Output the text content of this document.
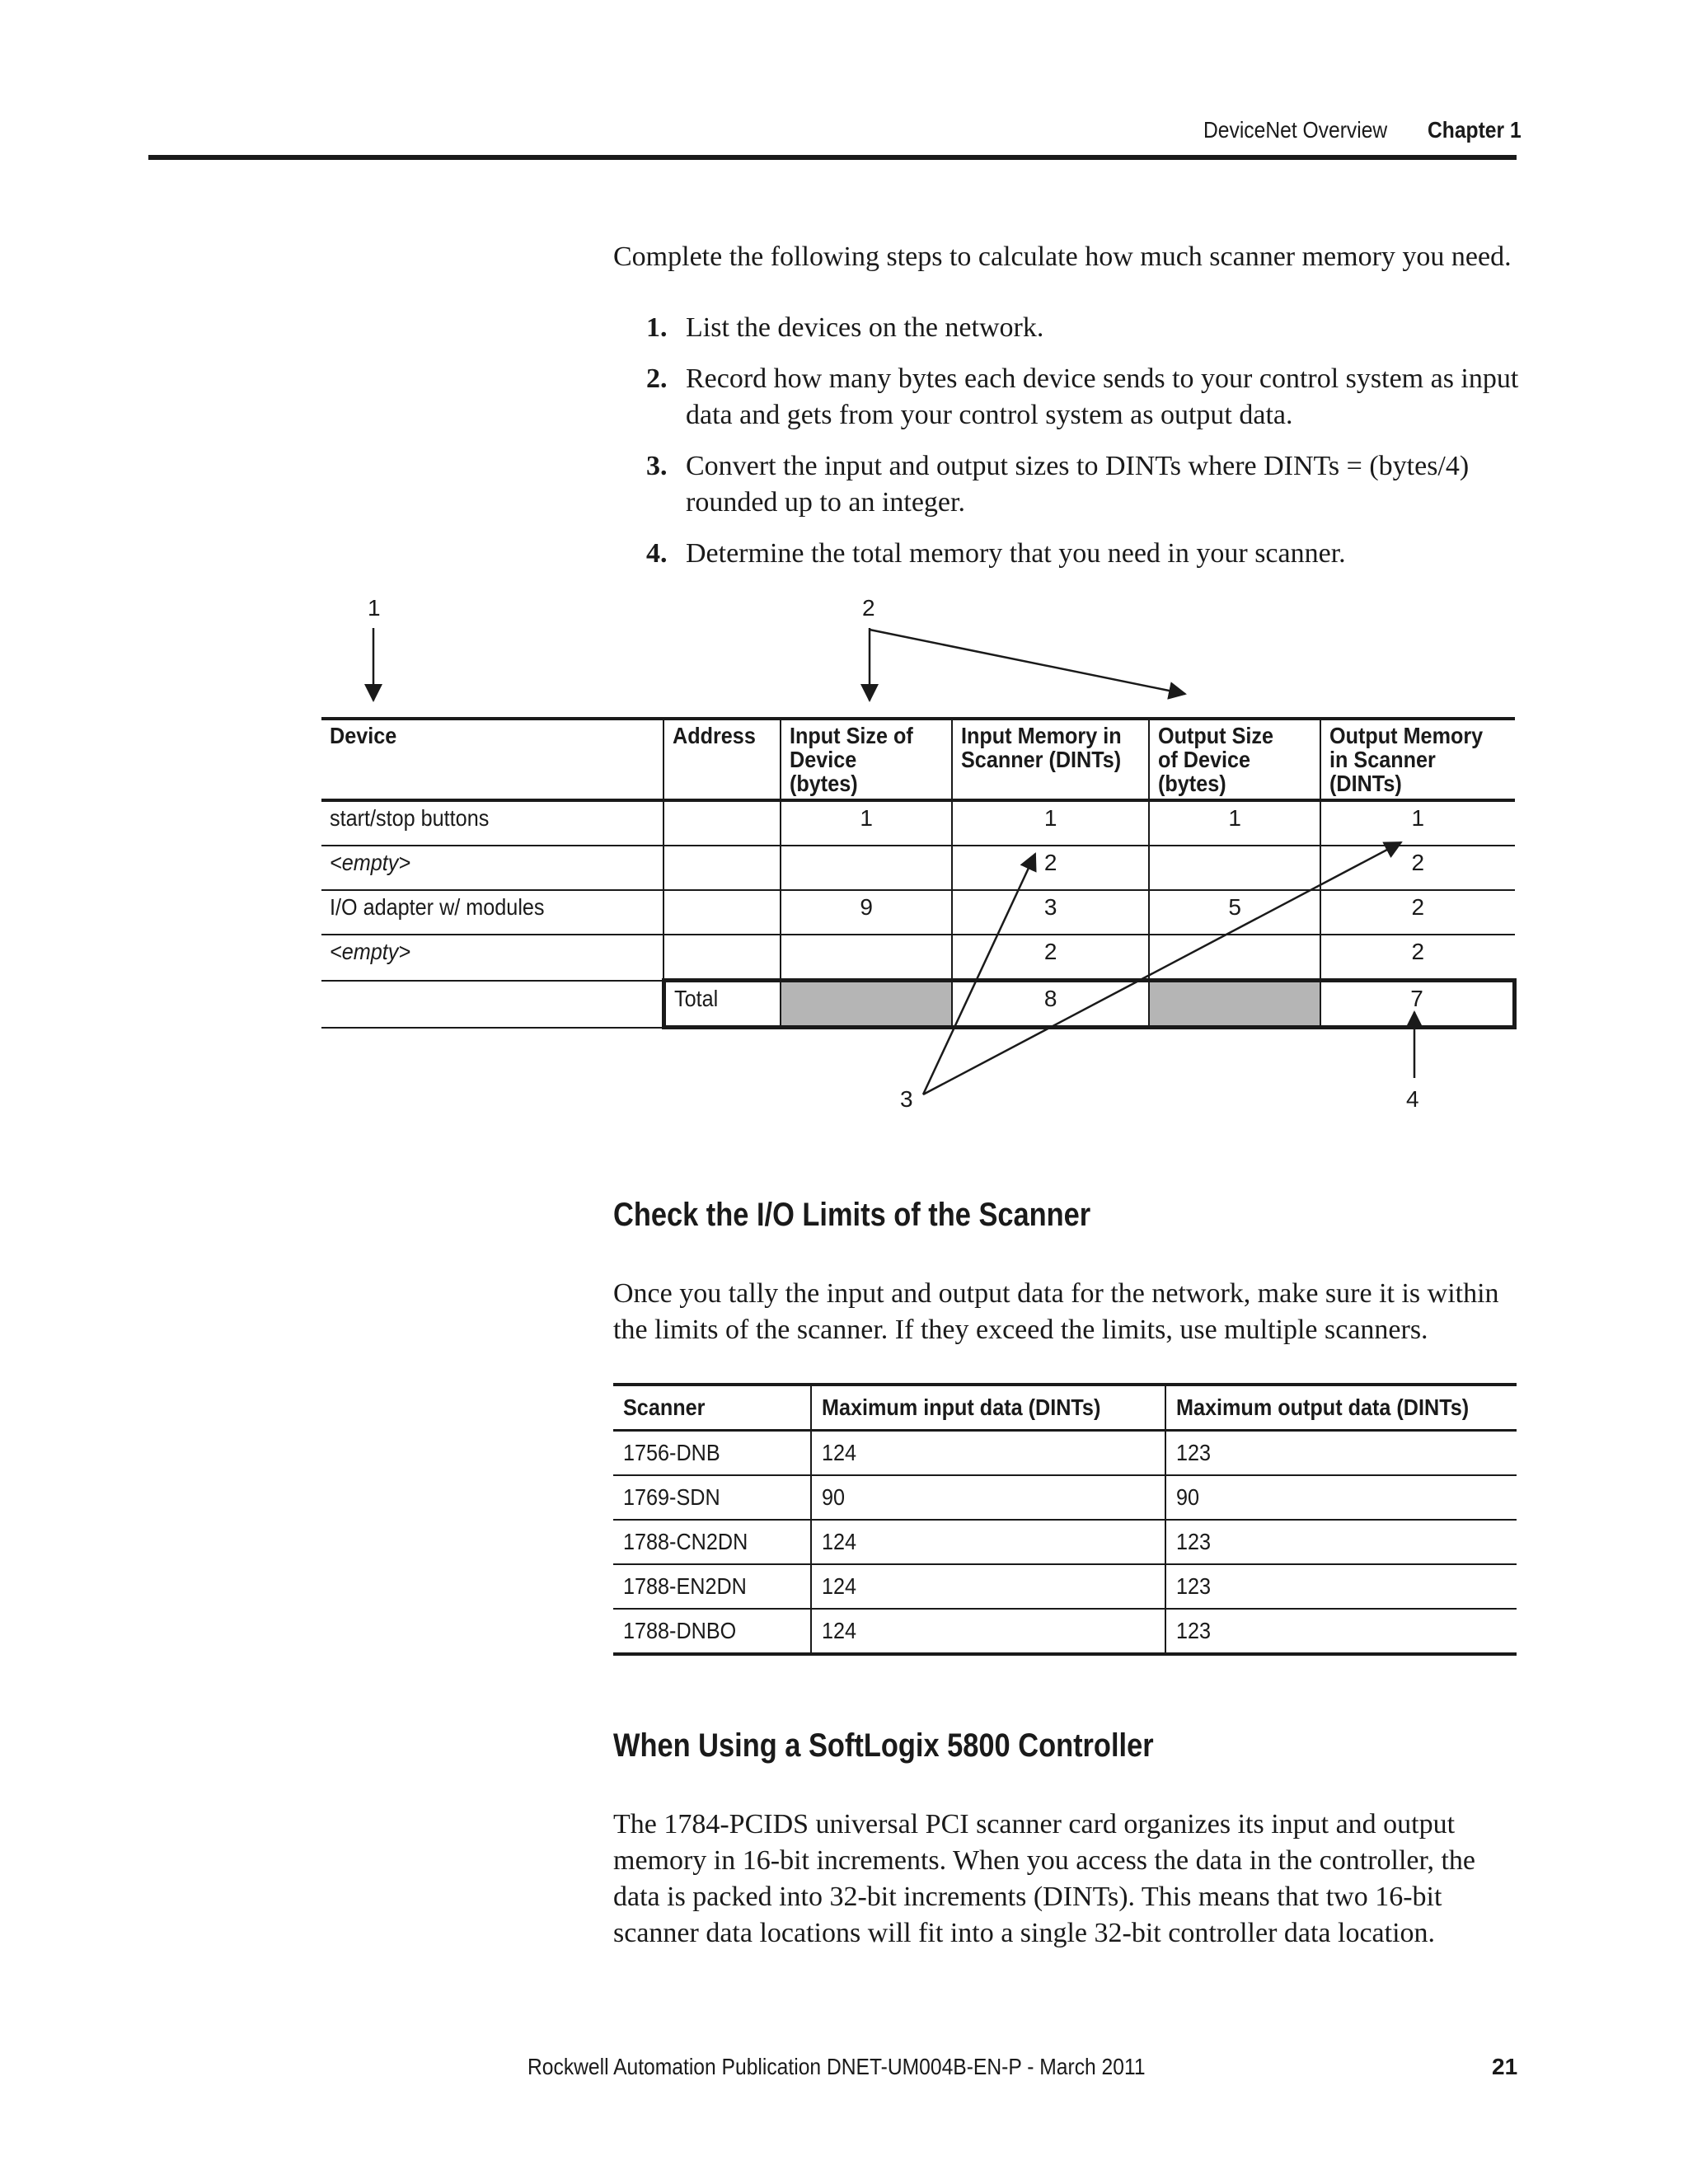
DeviceNet Overview Chapter 1
Complete the following steps to calculate how much scanner memory you need.
1. List the devices on the network.
2. Record how many bytes each device sends to your control system as input data and gets from your control system as output data.
3. Convert the input and output sizes to DINTs where DINTs = (bytes/4) rounded up to an integer.
4. Determine the total memory that you need in your scanner.
1	2
3	4
Device	Address	Input Size of Device (bytes)	Input Memory in Scanner (DINTs)	Output Size of Device (bytes)	Output Memory in Scanner (DINTs)
start/stop buttons		1	1	1	1
<empty>			2		2
I/O adapter w/ modules		9	3	5	2
<empty>			2		2
	Total		8		7
Check the I/O Limits of the Scanner
Once you tally the input and output data for the network, make sure it is within the limits of the scanner. If they exceed the limits, use multiple scanners.
Scanner	Maximum input data (DINTs)	Maximum output data (DINTs)
1756-DNB	124	123
1769-SDN	90	90
1788-CN2DN	124	123
1788-EN2DN	124	123
1788-DNBO	124	123
When Using a SoftLogix 5800 Controller
The 1784-PCIDS universal PCI scanner card organizes its input and output memory in 16-bit increments. When you access the data in the controller, the data is packed into 32-bit increments (DINTs). This means that two 16-bit scanner data locations will fit into a single 32-bit controller data location.
Rockwell Automation Publication DNET-UM004B-EN-P - March 2011	21
